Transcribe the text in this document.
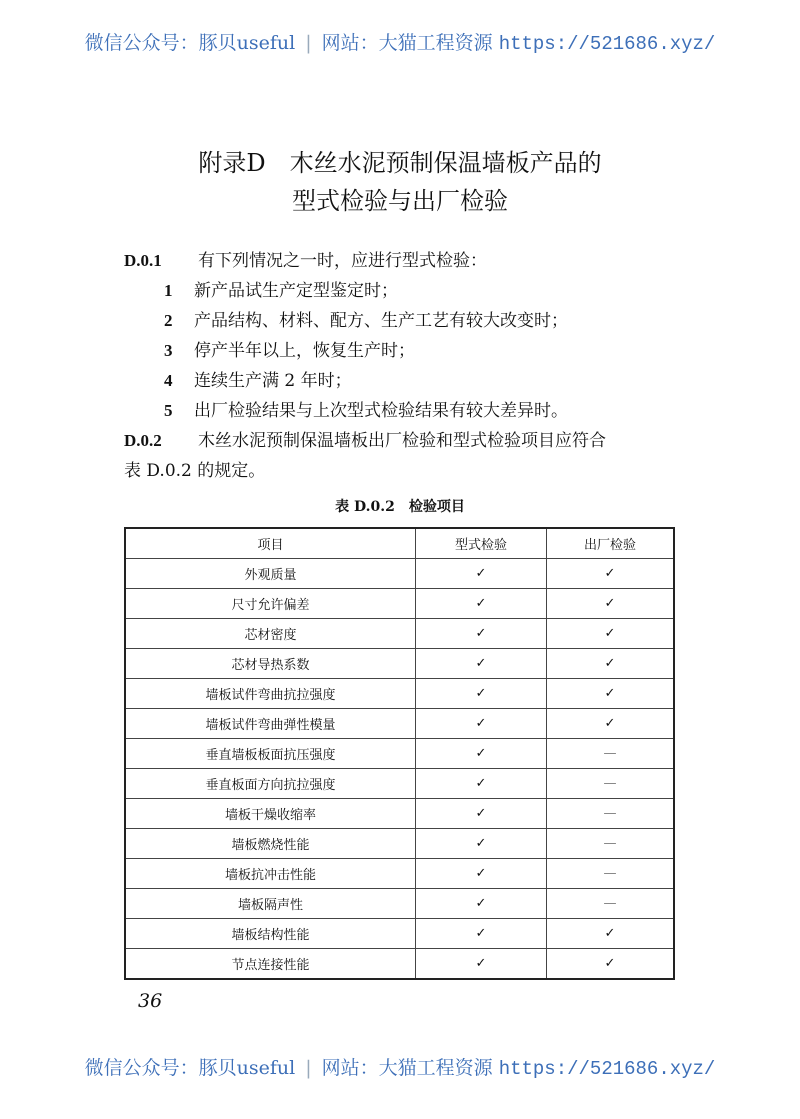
微信公众号：豚贝useful | 网站：大猫工程资源 https://521686.xyz/
附录D　木丝水泥预制保温墙板产品的
型式检验与出厂检验
D.0.1 有下列情况之一时，应进行型式检验：
1 新产品试生产定型鉴定时；
2 产品结构、材料、配方、生产工艺有较大改变时；
3 停产半年以上，恢复生产时；
4 连续生产满 2 年时；
5 出厂检验结果与上次型式检验结果有较大差异时。
D.0.2 木丝水泥预制保温墙板出厂检验和型式检验项目应符合
表 D.0.2 的规定。
表 D.0.2　检验项目
项目	型式检验	出厂检验
外观质量	✓	✓
尺寸允许偏差	✓	✓
芯材密度	✓	✓
芯材导热系数	✓	✓
墙板试件弯曲抗拉强度	✓	✓
墙板试件弯曲弹性模量	✓	✓
垂直墙板板面抗压强度	✓	—
垂直板面方向抗拉强度	✓	—
墙板干燥收缩率	✓	—
墙板燃烧性能	✓	—
墙板抗冲击性能	✓	—
墙板隔声性	✓	—
墙板结构性能	✓	✓
节点连接性能	✓	✓
36
微信公众号：豚贝useful | 网站：大猫工程资源 https://521686.xyz/
